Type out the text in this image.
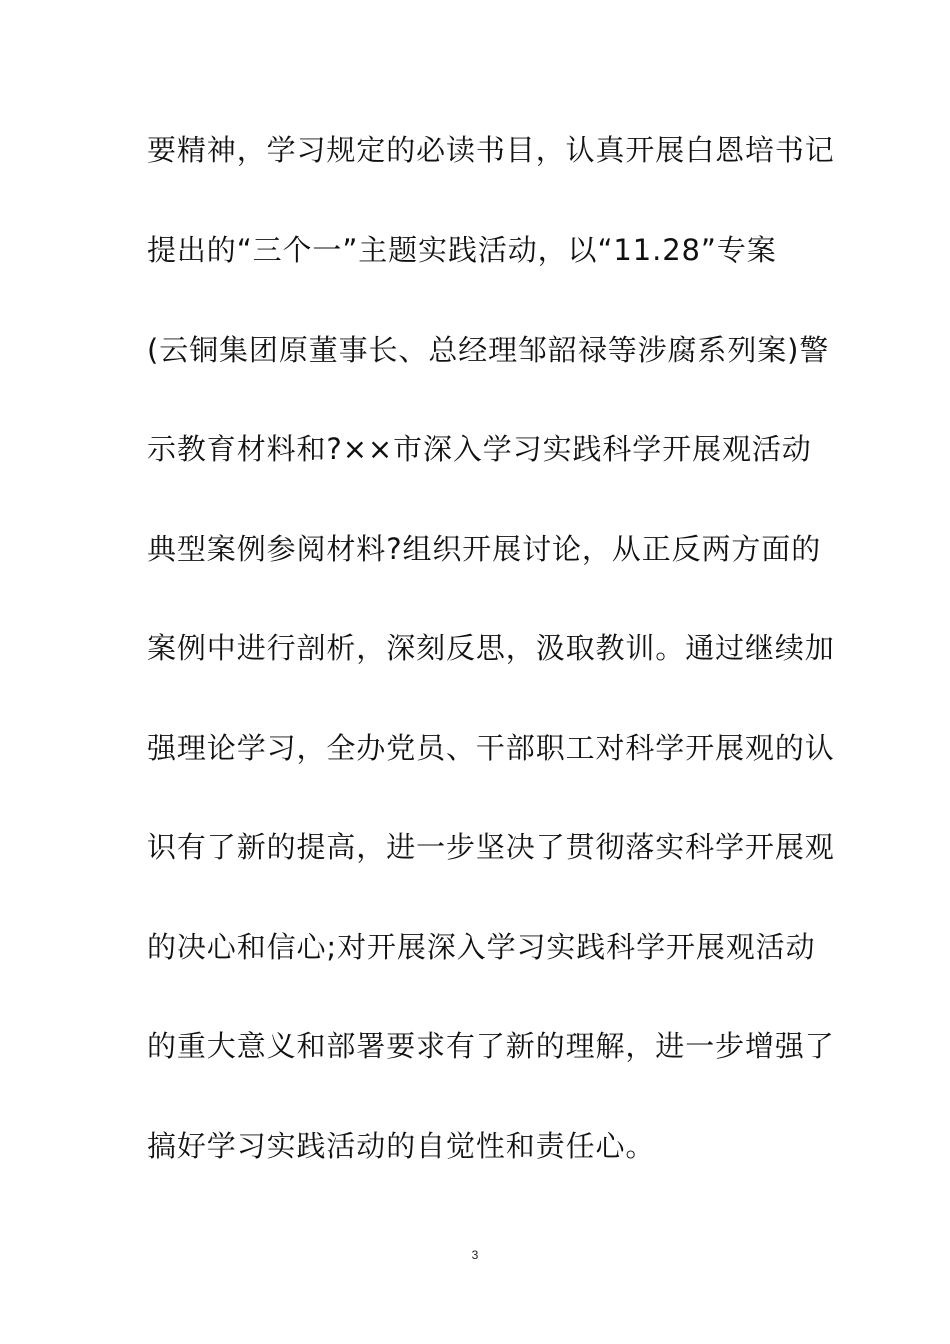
要精神，学习规定的必读书目，认真开展白恩培书记
提出的“三个一”主题实践活动，以“11.28”专案
(云铜集团原董事长、总经理邹韶禄等涉腐系列案)警
示教育材料和?××市深入学习实践科学开展观活动
典型案例参阅材料?组织开展讨论，从正反两方面的
案例中进行剖析，深刻反思，汲取教训。通过继续加
强理论学习，全办党员、干部职工对科学开展观的认
识有了新的提高，进一步坚决了贯彻落实科学开展观
的决心和信心;对开展深入学习实践科学开展观活动
的重大意义和部署要求有了新的理解，进一步增强了
搞好学习实践活动的自觉性和责任心。
3
